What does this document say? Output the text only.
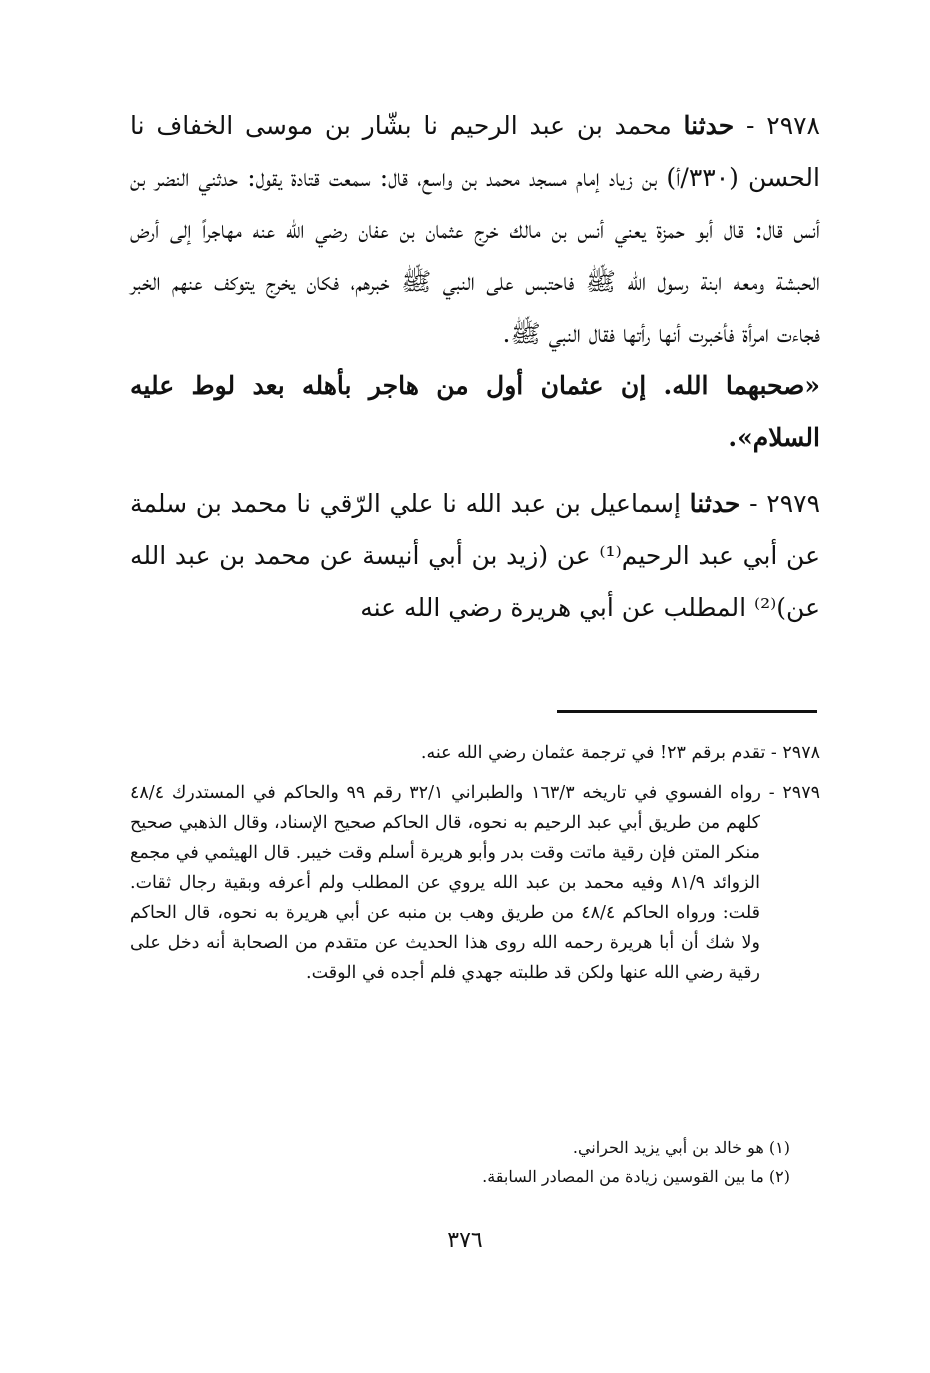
٢٩٧٨ - حدثنا محمد بن عبد الرحيم نا بشّار بن موسى الخفاف نا الحسن (٣٣٠/أ) بن زياد إمام مسجد محمد بن واسع، قال: سمعت قتادة يقول: حدثني النضر بن أنس قال: قال أبو حمزة يعني أنس بن مالك خرج عثمان بن عفان رضي الله عنه مهاجراً إلى أرض الحبشة ومعه ابنة رسول الله ﷺ فاحتبس على النبي ﷺ خبرهم، فكان يخرج يتوكف عنهم الخبر فجاءت امرأة فأخبرت أنها رأتها فقال النبي ﷺ.

«صحبهما الله. إن عثمان أول من هاجر بأهله بعد لوط عليه السلام».

٢٩٧٩ - حدثنا إسماعيل بن عبد الله نا علي الرّقي نا محمد بن سلمة عن أبي عبد الرحيم⁽¹⁾ عن (زيد بن أبي أنيسة عن محمد بن عبد الله عن)⁽²⁾ المطلب عن أبي هريرة رضي الله عنه

٢٩٧٨ - تقدم برقم ٢٣! في ترجمة عثمان رضي الله عنه.

٢٩٧٩ - رواه الفسوي في تاريخه ١٦٣/٣ والطبراني ٣٢/١ رقم ٩٩ والحاكم في المستدرك ٤٨/٤ كلهم من طريق أبي عبد الرحيم به نحوه، قال الحاكم صحيح الإسناد، وقال الذهبي صحيح منكر المتن فإن رقية ماتت وقت بدر وأبو هريرة أسلم وقت خيبر. قال الهيثمي في مجمع الزوائد ٨١/٩ وفيه محمد بن عبد الله يروي عن المطلب ولم أعرفه وبقية رجال ثقات. قلت: ورواه الحاكم ٤٨/٤ من طريق وهب بن منبه عن أبي هريرة به نحوه، قال الحاكم ولا شك أن أبا هريرة رحمه الله روى هذا الحديث عن متقدم من الصحابة أنه دخل على رقية رضي الله عنها ولكن قد طلبته جهدي فلم أجده في الوقت.

(١) هو خالد بن أبي يزيد الحراني.

(٢) ما بين القوسين زيادة من المصادر السابقة.

٣٧٦
